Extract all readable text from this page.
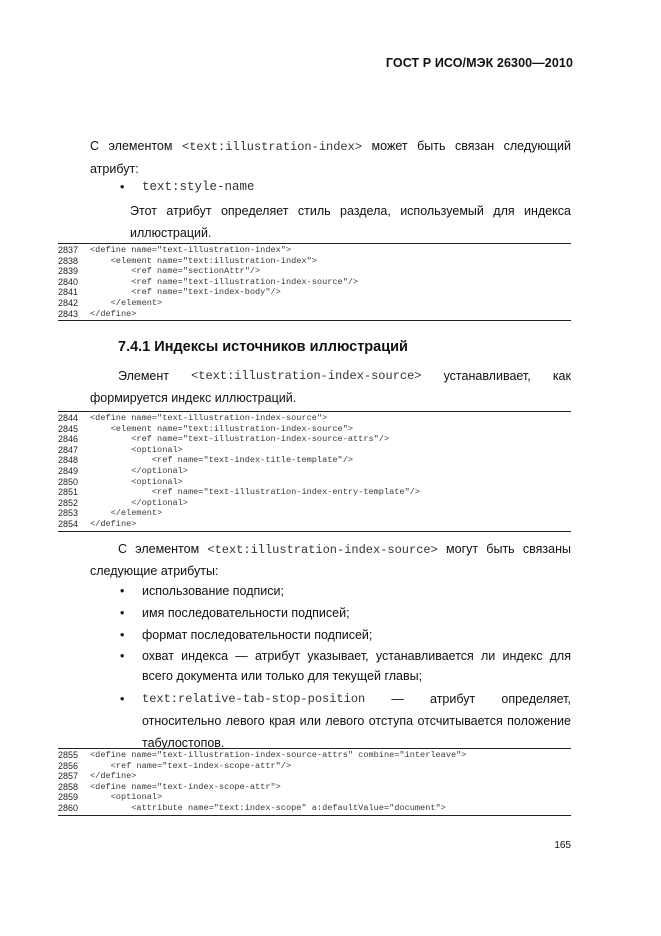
ГОСТ Р ИСО/МЭК 26300—2010
С элементом <text:illustration-index> может быть связан следующий
атрибут:
• text:style-name
Этот атрибут определяет стиль раздела, используемый для индекса
иллюстраций.
2837 <define name="text-illustration-index">
2838 <element name="text:illustration-index">
2839 <ref name="sectionAttr"/>
2840 <ref name="text-illustration-index-source"/>
2841 <ref name="text-index-body"/>
2842 </element>
2843 </define>
7.4.1 Индексы источников иллюстраций
Элемент <text:illustration-index-source> устанавливает, как
формируется индекс иллюстраций.
2844 <define name="text-illustration-index-source">
2845 <element name="text:illustration-index-source">
2846 <ref name="text-illustration-index-source-attrs"/>
2847 <optional>
2848 <ref name="text-index-title-template"/>
2849 </optional>
2850 <optional>
2851 <ref name="text-illustration-index-entry-template"/>
2852 </optional>
2853 </element>
2854 </define>
С элементом <text:illustration-index-source> могут быть связаны
следующие атрибуты:
• использование подписи;
• имя последовательности подписей;
• формат последовательности подписей;
• охват индекса — атрибут указывает, устанавливается ли индекс для
всего документа или только для текущей главы;
• text:relative-tab-stop-position — атрибут определяет,
относительно левого края или левого отступа отсчитывается положение
табулостопов.
2855 <define name="text-illustration-index-source-attrs" combine="interleave">
2856 <ref name="text-index-scope-attr"/>
2857 </define>
2858 <define name="text-index-scope-attr">
2859 <optional>
2860 <attribute name="text:index-scope" a:defaultValue="document">
165
